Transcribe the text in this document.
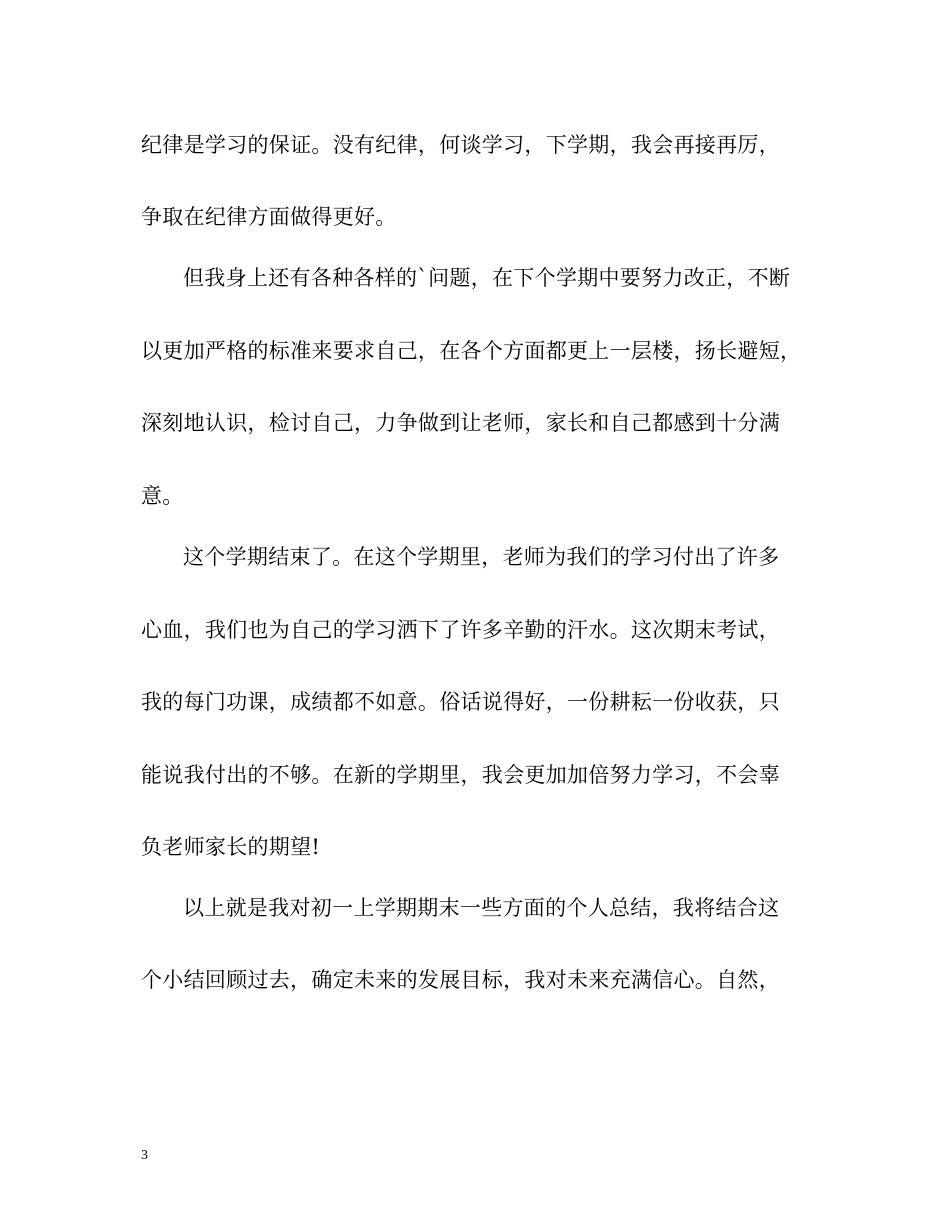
纪律是学习的保证。没有纪律，何谈学习，下学期，我会再接再厉，
争取在纪律方面做得更好。
但我身上还有各种各样的`问题，在下个学期中要努力改正，不断
以更加严格的标准来要求自己，在各个方面都更上一层楼，扬长避短，
深刻地认识，检讨自己，力争做到让老师，家长和自己都感到十分满
意。
这个学期结束了。在这个学期里，老师为我们的学习付出了许多
心血，我们也为自己的学习洒下了许多辛勤的汗水。这次期末考试，
我的每门功课，成绩都不如意。俗话说得好，一份耕耘一份收获，只
能说我付出的不够。在新的学期里，我会更加加倍努力学习，不会辜
负老师家长的期望!
以上就是我对初一上学期期末一些方面的个人总结，我将结合这
个小结回顾过去，确定未来的发展目标，我对未来充满信心。自然，
3
